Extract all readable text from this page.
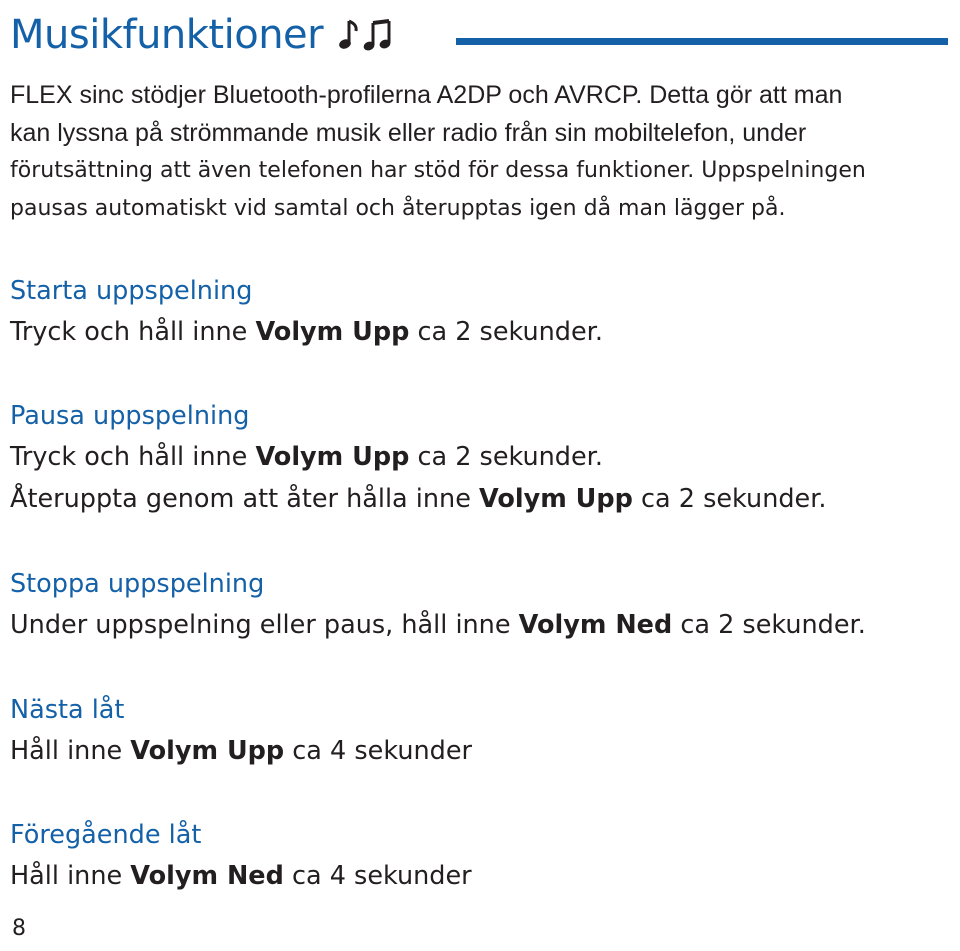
Musikfunktioner

FLEX sinc stödjer Bluetooth-profilerna A2DP och AVRCP. Detta gör att man

kan lyssna på strömmande musik eller radio från sin mobiltelefon, under

förutsättning att även telefonen har stöd för dessa funktioner. Uppspelningen

pausas automatiskt vid samtal och återupptas igen då man lägger på.

Starta uppspelning
Tryck och håll inne Volym Upp ca 2 sekunder.
Pausa uppspelning
Tryck och håll inne Volym Upp ca 2 sekunder.
Återuppta genom att åter hålla inne Volym Upp ca 2 sekunder.
Stoppa uppspelning
Under uppspelning eller paus, håll inne Volym Ned ca 2 sekunder.
Nästa låt
Håll inne Volym Upp ca 4 sekunder
Föregående låt
Håll inne Volym Ned ca 4 sekunder
8
